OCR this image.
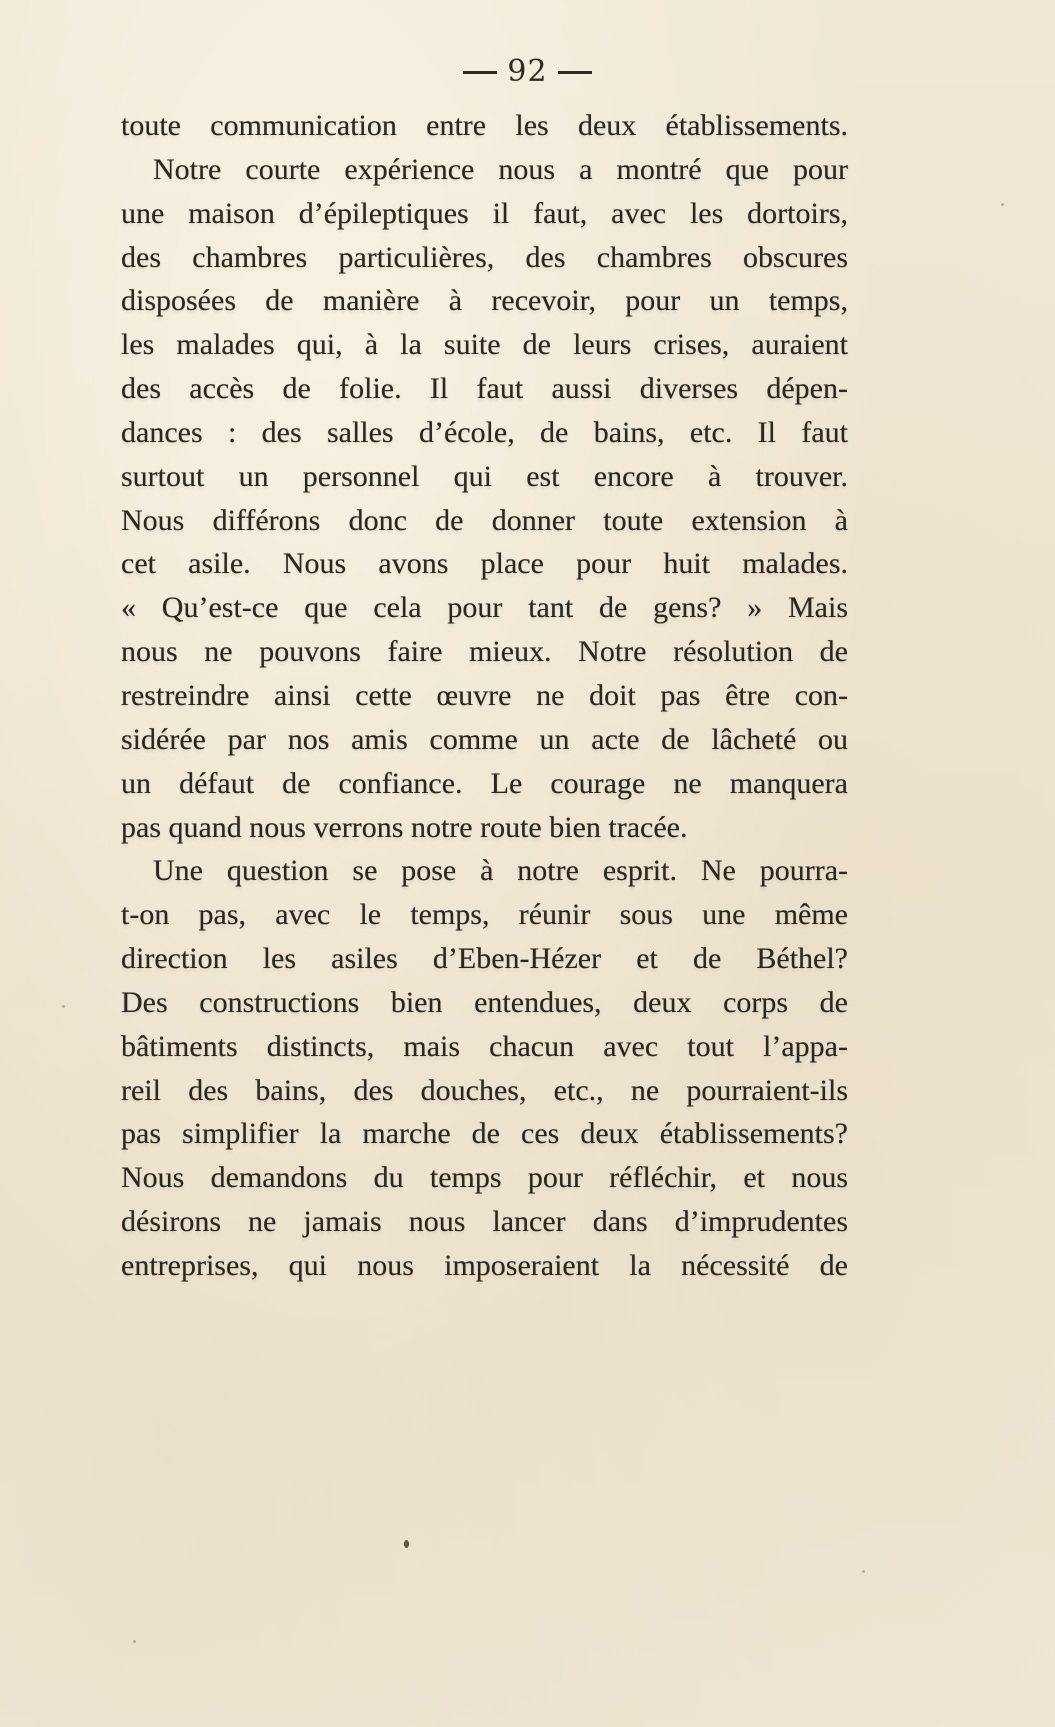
92
toute communication entre les deux établissements.
Notre courte expérience nous a montré que pour
une maison d’épileptiques il faut, avec les dortoirs,
des chambres particulières, des chambres obscures
disposées de manière à recevoir, pour un temps,
les malades qui, à la suite de leurs crises, auraient
des accès de folie. Il faut aussi diverses dépen-
dances : des salles d’école, de bains, etc. Il faut
surtout un personnel qui est encore à trouver.
Nous différons donc de donner toute extension à
cet asile. Nous avons place pour huit malades.
« Qu’est-ce que cela pour tant de gens? » Mais
nous ne pouvons faire mieux. Notre résolution de
restreindre ainsi cette œuvre ne doit pas être con-
sidérée par nos amis comme un acte de lâcheté ou
un défaut de confiance. Le courage ne manquera
pas quand nous verrons notre route bien tracée.
Une question se pose à notre esprit. Ne pourra-
t-on pas, avec le temps, réunir sous une même
direction les asiles d’Eben-Hézer et de Béthel?
Des constructions bien entendues, deux corps de
bâtiments distincts, mais chacun avec tout l’appa-
reil des bains, des douches, etc., ne pourraient-ils
pas simplifier la marche de ces deux établissements?
Nous demandons du temps pour réfléchir, et nous
désirons ne jamais nous lancer dans d’imprudentes
entreprises, qui nous imposeraient la nécessité de
